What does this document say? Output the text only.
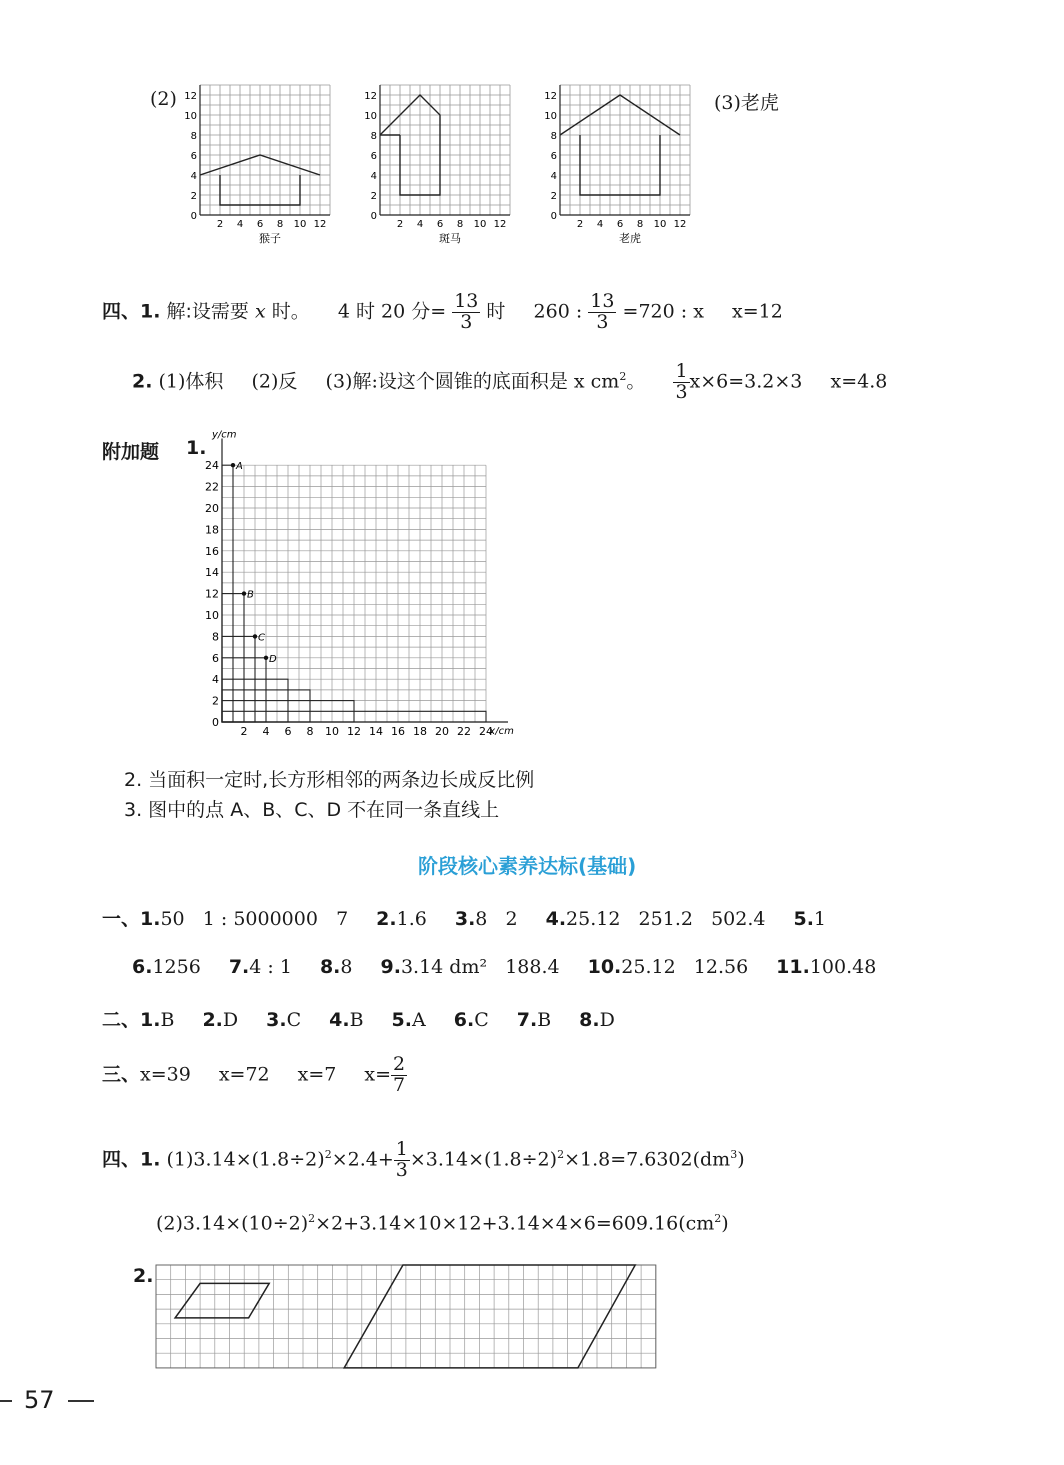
(2)	(3)老虎
12
10
8
6
4
2
0
2 4 6 8 10 12
猴子
12
10
8
6
4
2
0
2 4 6 8 10 12
斑马
12
10
8
6
4
2
0
2 4 6 8 10 12
老虎
四、1. 解:设需要 x 时。 4 时 20 分= $\frac{13}{3}$ 时 260 : $\frac{13}{3} =720$ : x x=12
2. (1)体积 (2)反 (3)解:设这个圆锥的底面积是 x $cm^2$。 $\frac{1}{3} x\times 6=3.2\times 3$ x=4.8
附加题 1.
y/cm
x/cm
24
22
20
18
16
14
12
10
8
6
4
2
0
2 4 6 8 10 12 14 16 18 20 22 24
A
B
C
D
2. 当面积一定时,长方形相邻的两条边长成反比例
3. 图中的点 A、B、C、D 不在同一条直线上
阶段核心素养达标(基础)
一、1.50   1 : 5000000   7 2.1.6 3.8   2 4.25.12   251.2   502.4 5.1
6.1256 7.4 : 1 8.8 9.3.14 dm²   188.4 10.25.12   12.56 11.100.48
二、1.B 2.D 3.C 4.B 5.A 6.C 7.B 8.D
三、x=39 x=72 x=7 $x= \frac{2}{7}$
四、1. $(1)3.14\times(1.8\div 2)^2\times 2.4+ \frac{1}{3} \times 3.14\times(1.8\div 2)^2\times 1.8=7.6302(dm^3)$
$(2)3.14\times(10\div 2)^2\times 2+3.14\times 10\times 12+3.14\times 4\times 6=609.16(cm^2)$
2.
57
